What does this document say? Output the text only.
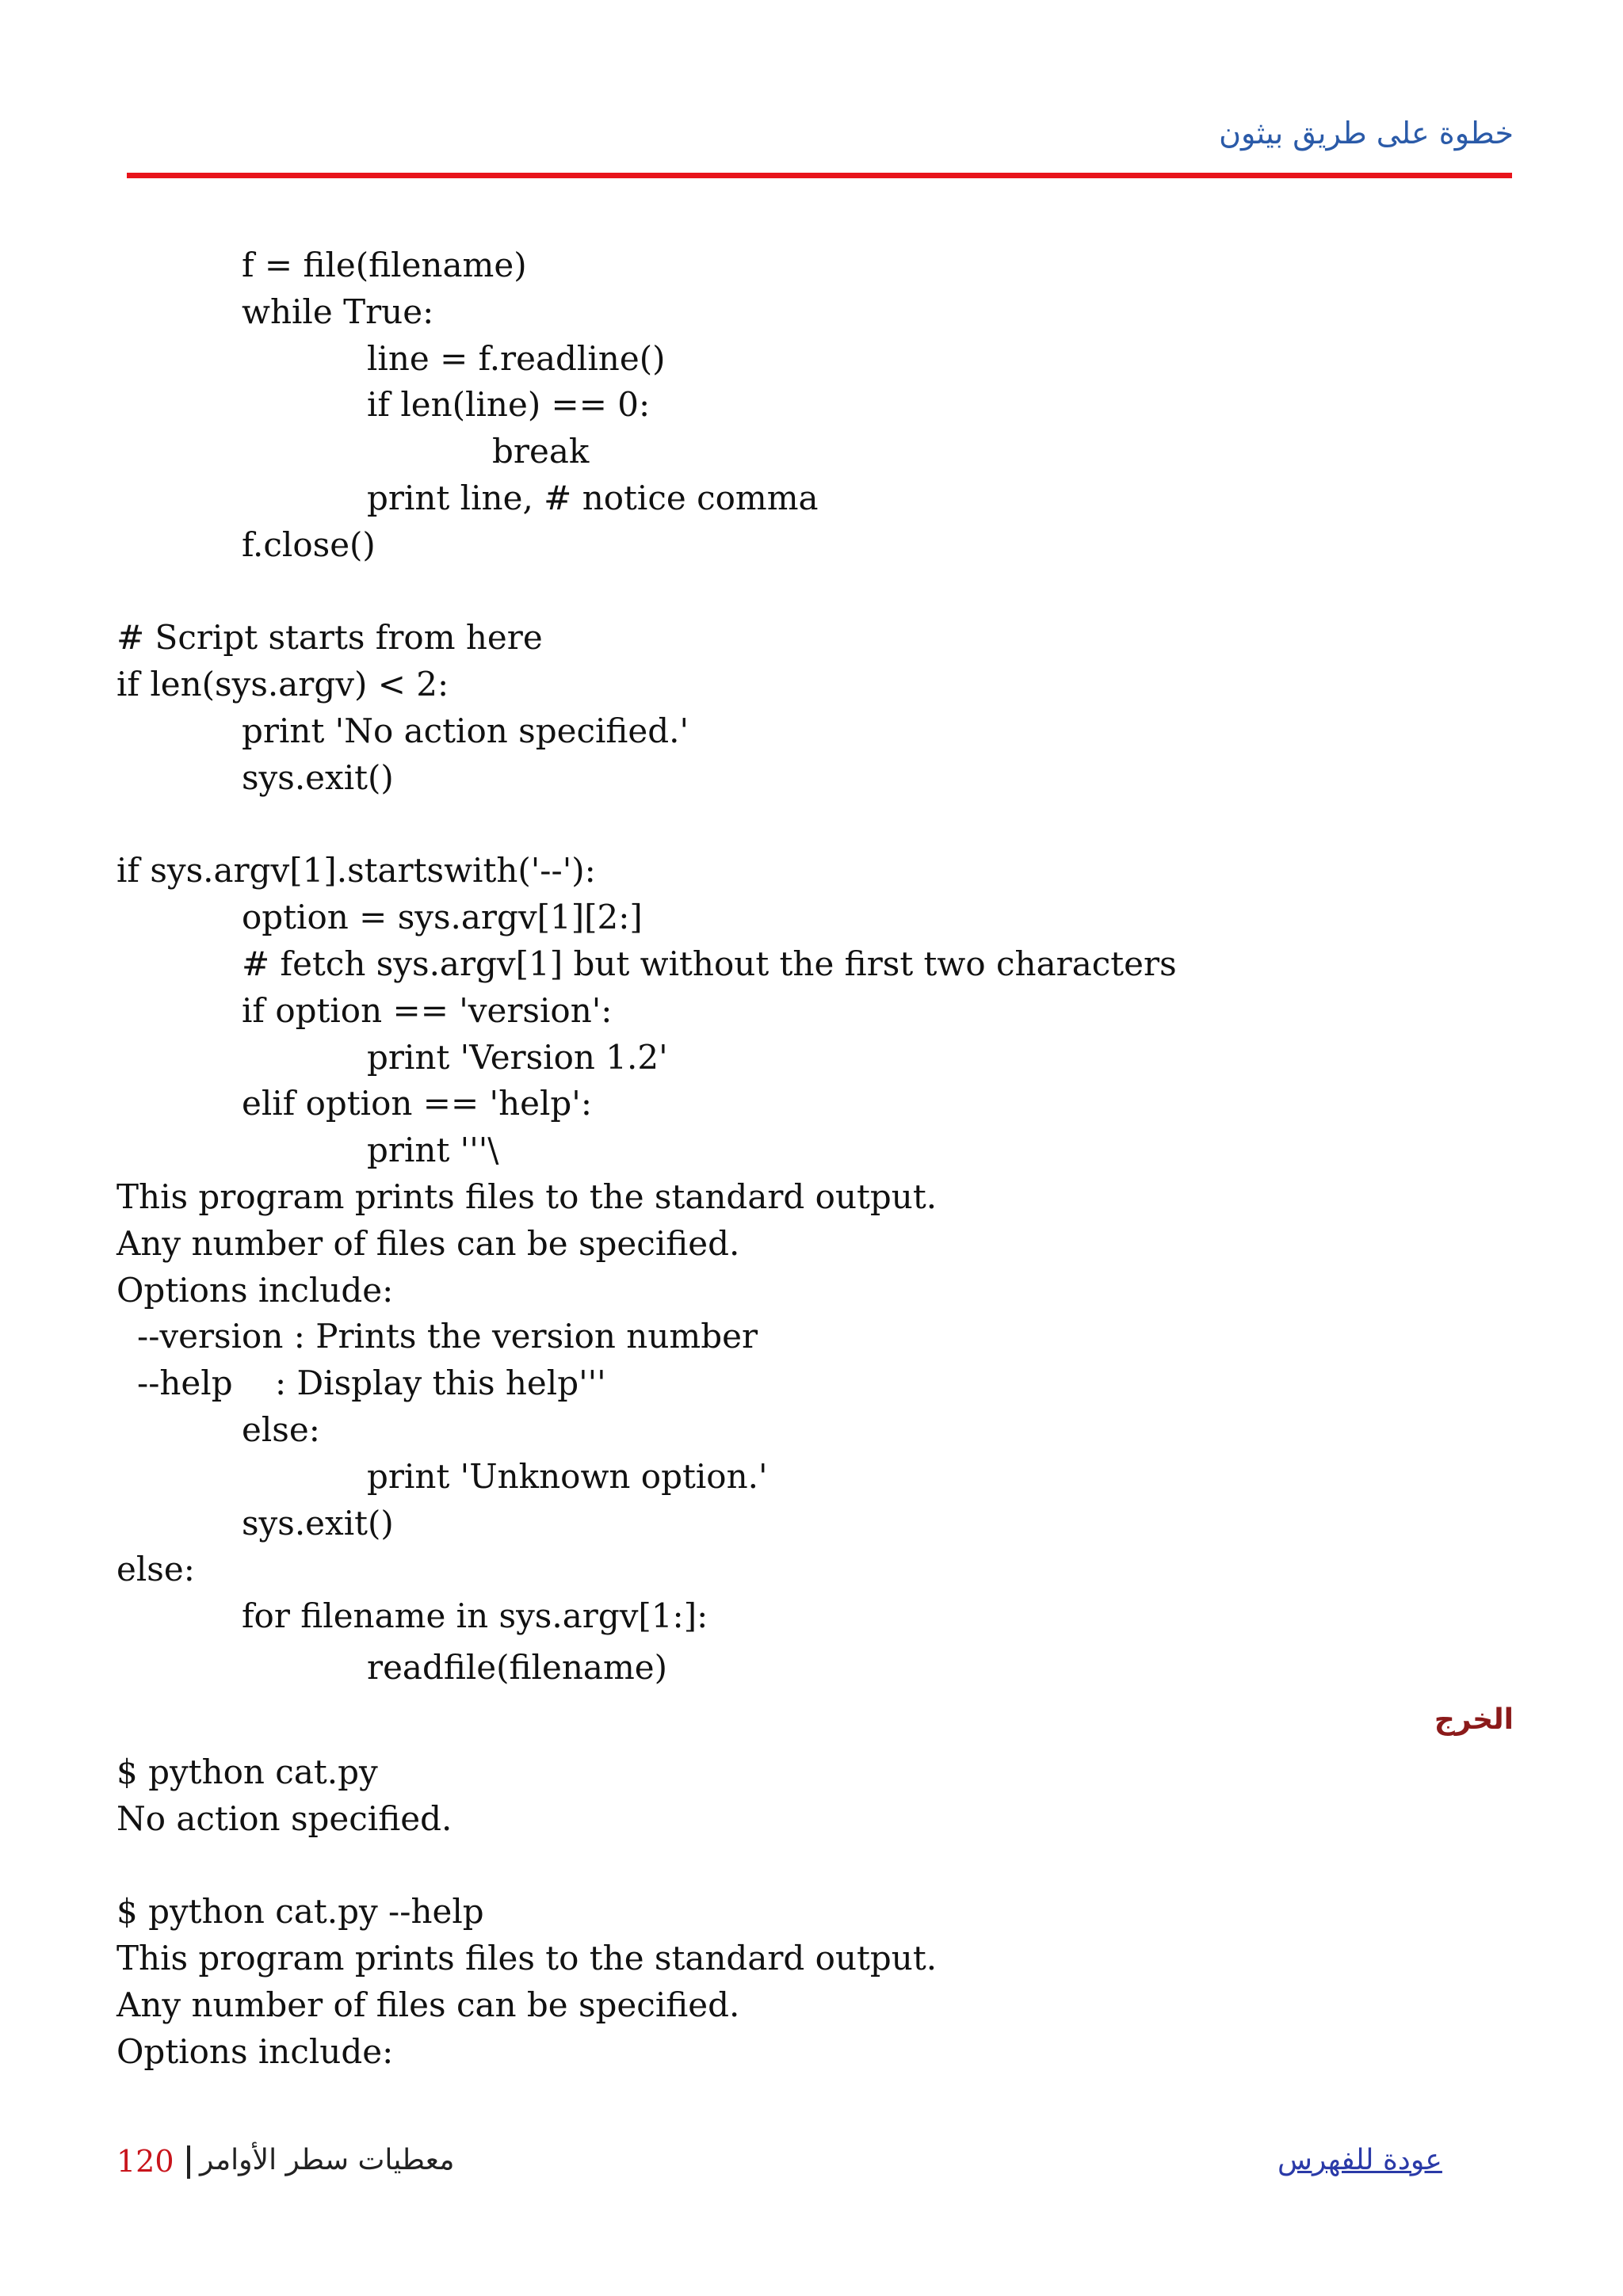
خطوة على طريق بيثون
f = file(filename)
while True:
line = f.readline()
if len(line) == 0:
break
print line, # notice comma
f.close()
# Script starts from here
if len(sys.argv) < 2:
print 'No action specified.'
sys.exit()
if sys.argv[1].startswith('--'):
option = sys.argv[1][2:]
# fetch sys.argv[1] but without the first two characters
if option == 'version':
print 'Version 1.2'
elif option == 'help':
print '''\
This program prints files to the standard output.
Any number of files can be specified.
Options include:
--version : Prints the version number
--help    : Display this help'''
else:
print 'Unknown option.'
sys.exit()
else:
for filename in sys.argv[1:]:
readfile(filename)
الخرج
$ python cat.py
No action specified.
$ python cat.py --help
This program prints files to the standard output.
Any number of files can be specified.
Options include:
120 معطيات سطر الأوامر	عودة للفهرس
